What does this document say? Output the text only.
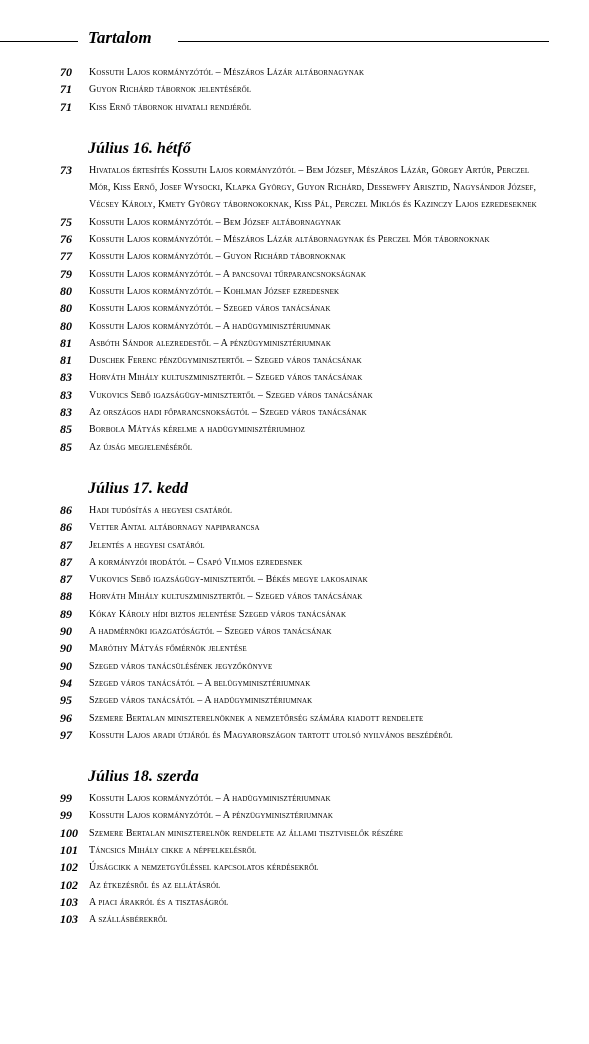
Tartalom
70	Kossuth Lajos kormányzótól – Mészáros Lázár altábornagynak
71	Guyon Richárd tábornok jelentéséről
71	Kiss Ernő tábornok hivatali rendjéről
Július 16. hétfő
73	Hivatalos értesítés Kossuth Lajos kormányzótól – Bem József, Mészáros Lázár, Görgey Artúr, Perczel Mór, Kiss Ernő, Josef Wysocki, Klapka György, Guyon Richárd, Dessewffy Arisztid, Nagysándor József, Vécsey Károly, Kmety György tábornokoknak, Kiss Pál, Perczel Miklós és Kazinczy Lajos ezredeseknek
75	Kossuth Lajos kormányzótól – Bem József altábornagynak
76	Kossuth Lajos kormányzótól – Mészáros Lázár altábornagynak és Perczel Mór tábornoknak
77	Kossuth Lajos kormányzótól – Guyon Richárd tábornoknak
79	Kossuth Lajos kormányzótól – A pancsovai tűrparancsnokságnak
80	Kossuth Lajos kormányzótól – Kohlman József ezredesnek
80	Kossuth Lajos kormányzótól – Szeged város tanácsának
80	Kossuth Lajos kormányzótól – A hadügyminisztériumnak
81	Asbóth Sándor alezredestől – A pénzügyminisztériumnak
81	Duschek Ferenc pénzügyminisztertől – Szeged város tanácsának
83	Horváth Mihály kultuszminisztertől – Szeged város tanácsának
83	Vukovics Sebő igazságügy-minisztertől – Szeged város tanácsának
83	Az országos hadi főparancsnokságtól – Szeged város tanácsának
85	Borbola Mátyás kérelme a hadügyminisztériumhoz
85	Az újság megjelenéséről
Július 17. kedd
86	Hadi tudósítás a hegyesi csatáról
86	Vetter Antal altábornagy napiparancsa
87	Jelentés a hegyesi csatáról
87	A kormányzói irodától – Csapó Vilmos ezredesnek
87	Vukovics Sebő igazságügy-minisztertől – Békés megye lakosainak
88	Horváth Mihály kultuszminisztertől – Szeged város tanácsának
89	Kókay Károly hídi biztos jelentése Szeged város tanácsának
90	A hadmérnöki igazgatóságtól – Szeged város tanácsának
90	Maróthy Mátyás főmérnök jelentése
90	Szeged város tanácsülésének jegyzőkönyve
94	Szeged város tanácsától – A belügyminisztériumnak
95	Szeged város tanácsától – A hadügyminisztériumnak
96	Szemere Bertalan miniszterelnöknek a nemzetőrség számára kiadott rendelete
97	Kossuth Lajos aradi útjáról és Magyarországon tartott utolsó nyilvános beszédéről
Július 18. szerda
99	Kossuth Lajos kormányzótól – A hadügyminisztériumnak
99	Kossuth Lajos kormányzótól – A pénzügyminisztériumnak
100	Szemere Bertalan miniszterelnök rendelete az állami tisztviselők részére
101	Táncsics Mihály cikke a népfelkelésről
102	Újságcikk a nemzetgyűléssel kapcsolatos kérdésekről
102	Az étkezésről és az ellátásról
103	A piaci árakról és a tisztaságról
103	A szállásbérekről
